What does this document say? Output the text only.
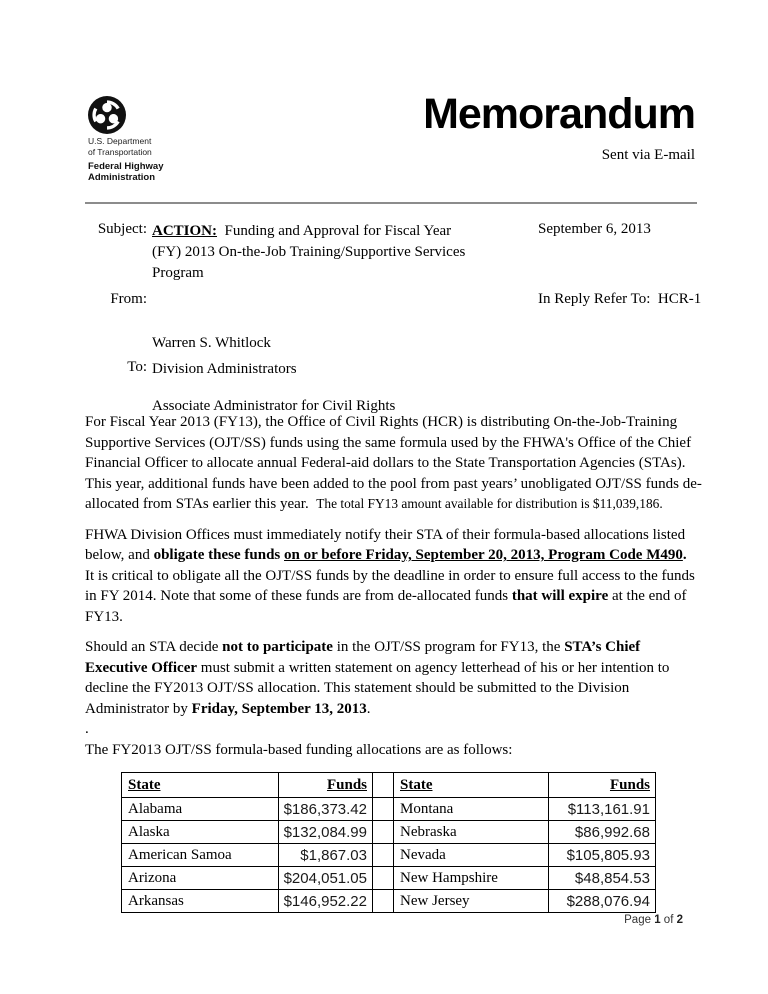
U.S. Department
of Transportation
Federal Highway
Administration
Memorandum
Sent via E-mail
Subject: ACTION:  Funding and Approval for Fiscal Year (FY) 2013 On-the-Job Training/Supportive Services Program
September 6, 2013
From:

Warren S. Whitlock

Associate Administrator for Civil Rights

In Reply Refer To:  HCR-1
To: Division Administrators

For Fiscal Year 2013 (FY13), the Office of Civil Rights (HCR) is distributing On-the-Job-Training Supportive Services (OJT/SS) funds using the same formula used by the FHWA's Office of the Chief Financial Officer to allocate annual Federal-aid dollars to the State Transportation Agencies (STAs).  This year, additional funds have been added to the pool from past years’ unobligated OJT/SS funds de-allocated from STAs earlier this year.  The total FY13 amount available for distribution is $11,039,186.

FHWA Division Offices must immediately notify their STA of their formula-based allocations listed below, and obligate these funds on or before Friday, September 20, 2013, Program Code M490.  It is critical to obligate all the OJT/SS funds by the deadline in order to ensure full access to the funds in FY 2014. Note that some of these funds are from de-allocated funds that will expire at the end of FY13.

Should an STA decide not to participate in the OJT/SS program for FY13, the STA’s Chief Executive Officer must submit a written statement on agency letterhead of his or her intention to decline the FY2013 OJT/SS allocation. This statement should be submitted to the Division Administrator by Friday, September 13, 2013.

.

The FY2013 OJT/SS formula-based funding allocations are as follows:

State	Funds		State	Funds
Alabama	$186,373.42		Montana	$113,161.91
Alaska	$132,084.99		Nebraska	$86,992.68
American Samoa	$1,867.03		Nevada	$105,805.93
Arizona	$204,051.05		New Hampshire	$48,854.53
Arkansas	$146,952.22		New Jersey	$288,076.94
Page 1 of 2
